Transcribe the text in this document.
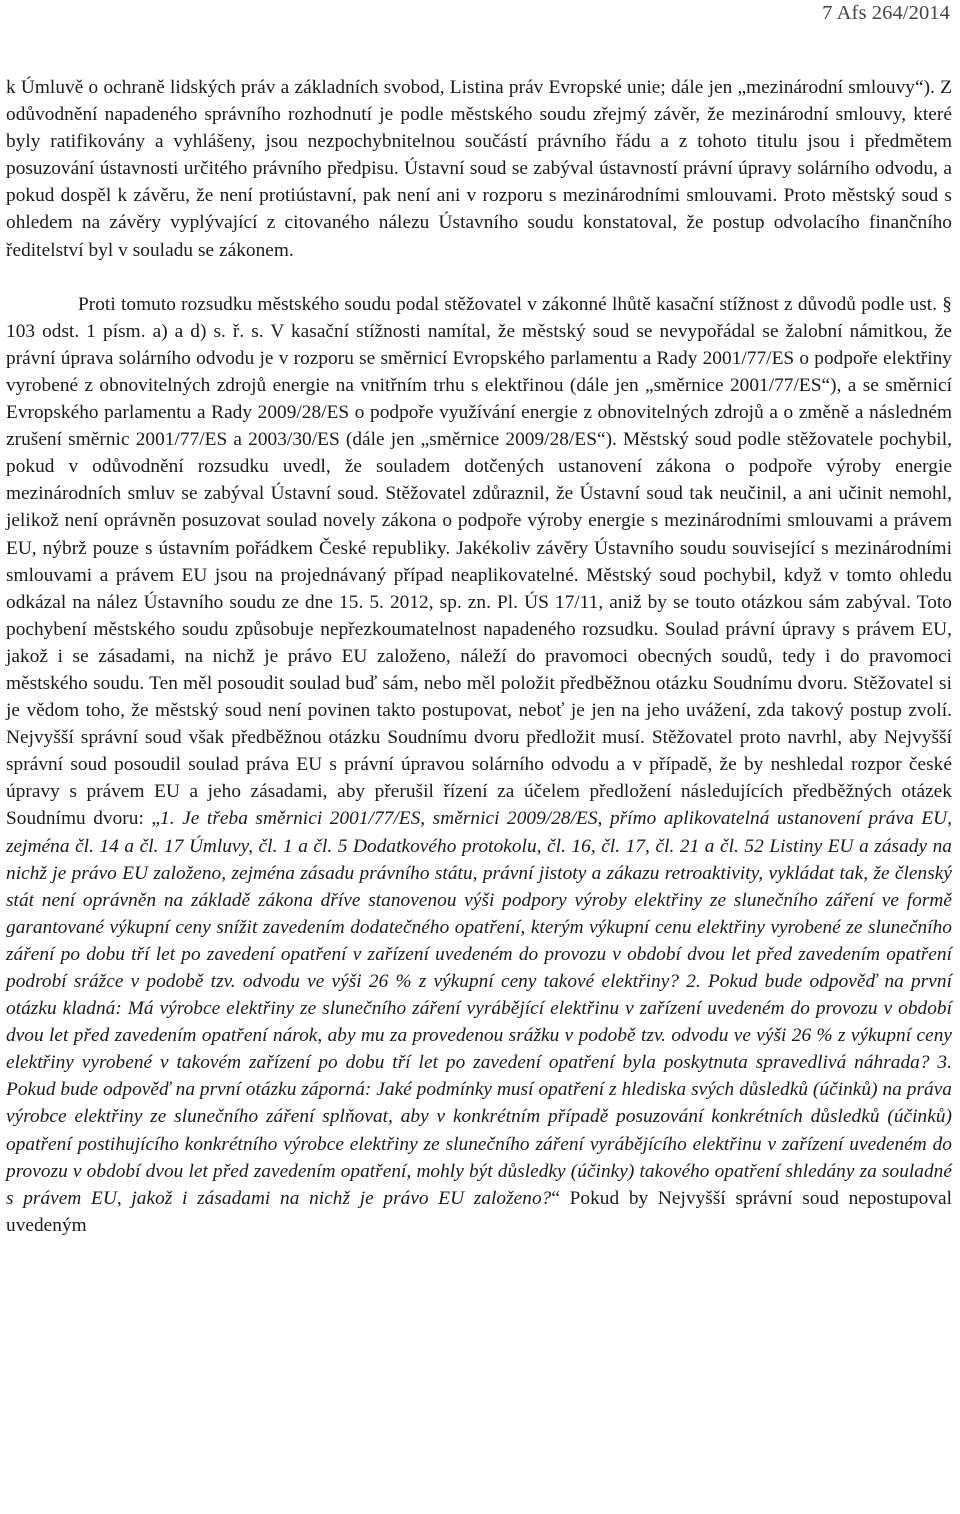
7 Afs 264/2014

k Úmluvě o ochraně lidských práv a základních svobod, Listina práv Evropské unie; dále jen „mezinárodní smlouvy“). Z odůvodnění napadeného správního rozhodnutí je podle městského soudu zřejmý závěr, že mezinárodní smlouvy, které byly ratifikovány a vyhlášeny, jsou nezpochybnitelnou součástí právního řádu a z tohoto titulu jsou i předmětem posuzování ústavnosti určitého právního předpisu. Ústavní soud se zabýval ústavností právní úpravy solárního odvodu, a pokud dospěl k závěru, že není protiústavní, pak není ani v rozporu s mezinárodními smlouvami. Proto městský soud s ohledem na závěry vyplývající z citovaného nálezu Ústavního soudu konstatoval, že postup odvolacího finančního ředitelství byl v souladu se zákonem.

Proti tomuto rozsudku městského soudu podal stěžovatel v zákonné lhůtě kasační stížnost z důvodů podle ust. § 103 odst. 1 písm. a) a d) s. ř. s. V kasační stížnosti namítal, že městský soud se nevypořádal se žalobní námitkou, že právní úprava solárního odvodu je v rozporu se směrnicí Evropského parlamentu a Rady 2001/77/ES o podpoře elektřiny vyrobené z obnovitelných zdrojů energie na vnitřním trhu s elektřinou (dále jen „směrnice 2001/77/ES“), a se směrnicí Evropského parlamentu a Rady 2009/28/ES o podpoře využívání energie z obnovitelných zdrojů a o změně a následném zrušení směrnic 2001/77/ES a 2003/30/ES (dále jen „směrnice 2009/28/ES“). Městský soud podle stěžovatele pochybil, pokud v odůvodnění rozsudku uvedl, že souladem dotčených ustanovení zákona o podpoře výroby energie mezinárodních smluv se zabýval Ústavní soud. Stěžovatel zdůraznil, že Ústavní soud tak neučinil, a ani učinit nemohl, jelikož není oprávněn posuzovat soulad novely zákona o podpoře výroby energie s mezinárodními smlouvami a právem EU, nýbrž pouze s ústavním pořádkem České republiky. Jakékoliv závěry Ústavního soudu související s mezinárodními smlouvami a právem EU jsou na projednávaný případ neaplikovatelné. Městský soud pochybil, když v tomto ohledu odkázal na nález Ústavního soudu ze dne 15. 5. 2012, sp. zn. Pl. ÚS 17/11, aniž by se touto otázkou sám zabýval. Toto pochybení městského soudu způsobuje nepřezkoumatelnost napadeného rozsudku. Soulad právní úpravy s právem EU, jakož i se zásadami, na nichž je právo EU založeno, náleží do pravomoci obecných soudů, tedy i do pravomoci městského soudu. Ten měl posoudit soulad buď sám, nebo měl položit předběžnou otázku Soudnímu dvoru. Stěžovatel si je vědom toho, že městský soud není povinen takto postupovat, neboť je jen na jeho uvážení, zda takový postup zvolí. Nejvyšší správní soud však předběžnou otázku Soudnímu dvoru předložit musí. Stěžovatel proto navrhl, aby Nejvyšší správní soud posoudil soulad práva EU s právní úpravou solárního odvodu a v případě, že by neshledal rozpor české úpravy s právem EU a jeho zásadami, aby přerušil řízení za účelem předložení následujících předběžných otázek Soudnímu dvoru: „1. Je třeba směrnici 2001/77/ES, směrnici 2009/28/ES, přímo aplikovatelná ustanovení práva EU, zejména čl. 14 a čl. 17 Úmluvy, čl. 1 a čl. 5 Dodatkového protokolu, čl. 16, čl. 17, čl. 21 a čl. 52 Listiny EU a zásady na nichž je právo EU založeno, zejména zásadu právního státu, právní jistoty a zákazu retroaktivity, vykládat tak, že členský stát není oprávněn na základě zákona dříve stanovenou výši podpory výroby elektřiny ze slunečního záření ve formě garantované výkupní ceny snížit zavedením dodatečného opatření, kterým výkupní cenu elektřiny vyrobené ze slunečního záření po dobu tří let po zavedení opatření v zařízení uvedeném do provozu v období dvou let před zavedením opatření podrobí srážce v podobě tzv. odvodu ve výši 26 % z výkupní ceny takové elektřiny? 2. Pokud bude odpověď na první otázku kladná: Má výrobce elektřiny ze slunečního záření vyrábějící elektřinu v zařízení uvedeném do provozu v období dvou let před zavedením opatření nárok, aby mu za provedenou srážku v podobě tzv. odvodu ve výši 26 % z výkupní ceny elektřiny vyrobené v takovém zařízení po dobu tří let po zavedení opatření byla poskytnuta spravedlivá náhrada? 3. Pokud bude odpověď na první otázku záporná: Jaké podmínky musí opatření z hlediska svých důsledků (účinků) na práva výrobce elektřiny ze slunečního záření splňovat, aby v konkrétním případě posuzování konkrétních důsledků (účinků) opatření postihujícího konkrétního výrobce elektřiny ze slunečního záření vyrábějícího elektřinu v zařízení uvedeném do provozu v období dvou let před zavedením opatření, mohly být důsledky (účinky) takového opatření shledány za souladné s právem EU, jakož i zásadami na nichž je právo EU založeno?“ Pokud by Nejvyšší správní soud nepostupoval uvedeným
